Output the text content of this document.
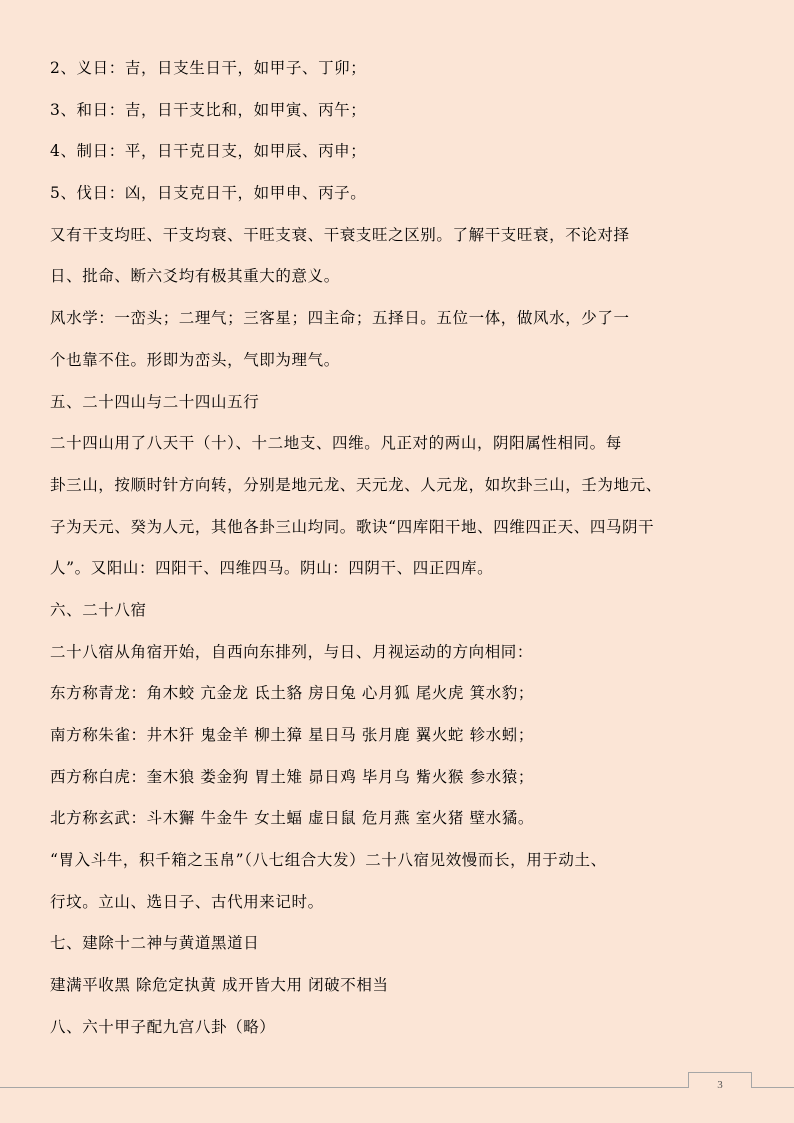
2、义日：吉，日支生日干，如甲子、丁卯；
3、和日：吉，日干支比和，如甲寅、丙午；
4、制日：平，日干克日支，如甲辰、丙申；
5、伐日：凶，日支克日干，如甲申、丙子。
又有干支均旺、干支均衰、干旺支衰、干衰支旺之区别。了解干支旺衰，不论对择
日、批命、断六爻均有极其重大的意义。
风水学：一峦头；二理气；三客星；四主命；五择日。五位一体，做风水，少了一
个也靠不住。形即为峦头，气即为理气。
五、二十四山与二十四山五行
二十四山用了八天干（十）、十二地支、四维。凡正对的两山，阴阳属性相同。每
卦三山，按顺时针方向转，分别是地元龙、天元龙、人元龙，如坎卦三山，壬为地元、
子为天元、癸为人元，其他各卦三山均同。歌诀“四库阳干地、四维四正天、四马阴干
人”。又阳山：四阳干、四维四马。阴山：四阴干、四正四库。
六、二十八宿
二十八宿从角宿开始，自西向东排列，与日、月视运动的方向相同：
东方称青龙：角木蛟 亢金龙 氐土貉 房日兔 心月狐 尾火虎 箕水豹；
南方称朱雀：井木犴 鬼金羊 柳土獐 星日马 张月鹿 翼火蛇 轸水蚓；
西方称白虎：奎木狼 娄金狗 胃土雉 昴日鸡 毕月乌 觜火猴 参水猿；
北方称玄武：斗木獬 牛金牛 女土蝠 虚日鼠 危月燕 室火猪 壁水獝。
“胃入斗牛，积千箱之玉帛”（八七组合大发）二十八宿见效慢而长，用于动土、
行坟。立山、选日子、古代用来记时。
七、建除十二神与黄道黑道日
建满平收黑 除危定执黄 成开皆大用 闭破不相当
八、六十甲子配九宫八卦（略）
3
